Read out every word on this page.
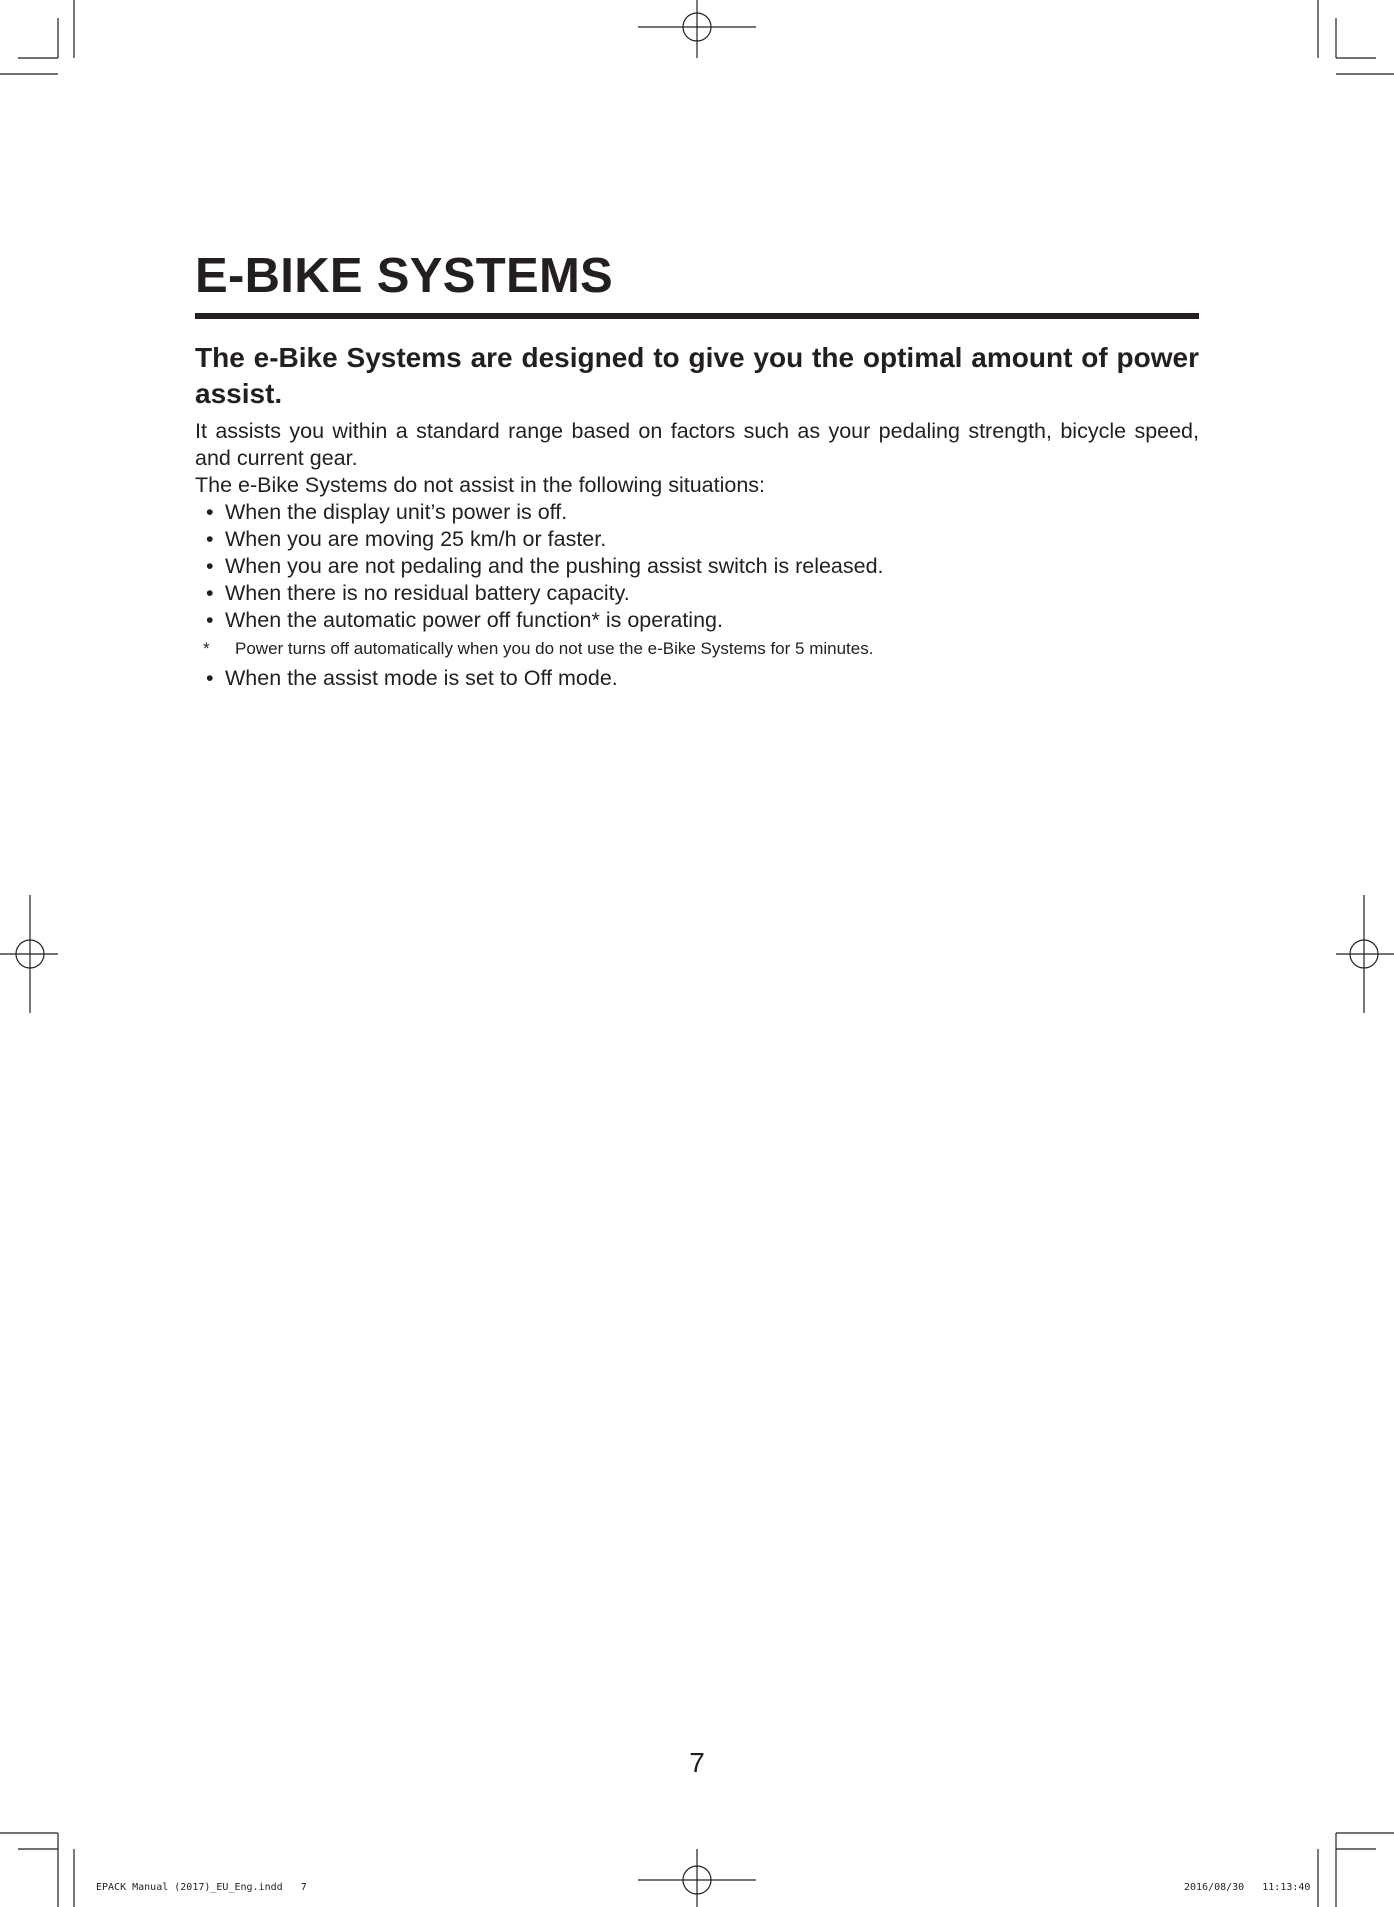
E-BIKE SYSTEMS

The e-Bike Systems are designed to give you the optimal amount of power assist.

It assists you within a standard range based on factors such as your pedaling strength, bicycle speed, and current gear.

The e-Bike Systems do not assist in the following situations:

• When the display unit’s power is off.
• When you are moving 25 km/h or faster.
• When you are not pedaling and the pushing assist switch is released.
• When there is no residual battery capacity.
• When the automatic power off function* is operating.
* Power turns off automatically when you do not use the e-Bike Systems for 5 minutes.
• When the assist mode is set to Off mode.
7
EPACK Manual (2017)_EU_Eng.indd   7	2016/08/30   11:13:40
